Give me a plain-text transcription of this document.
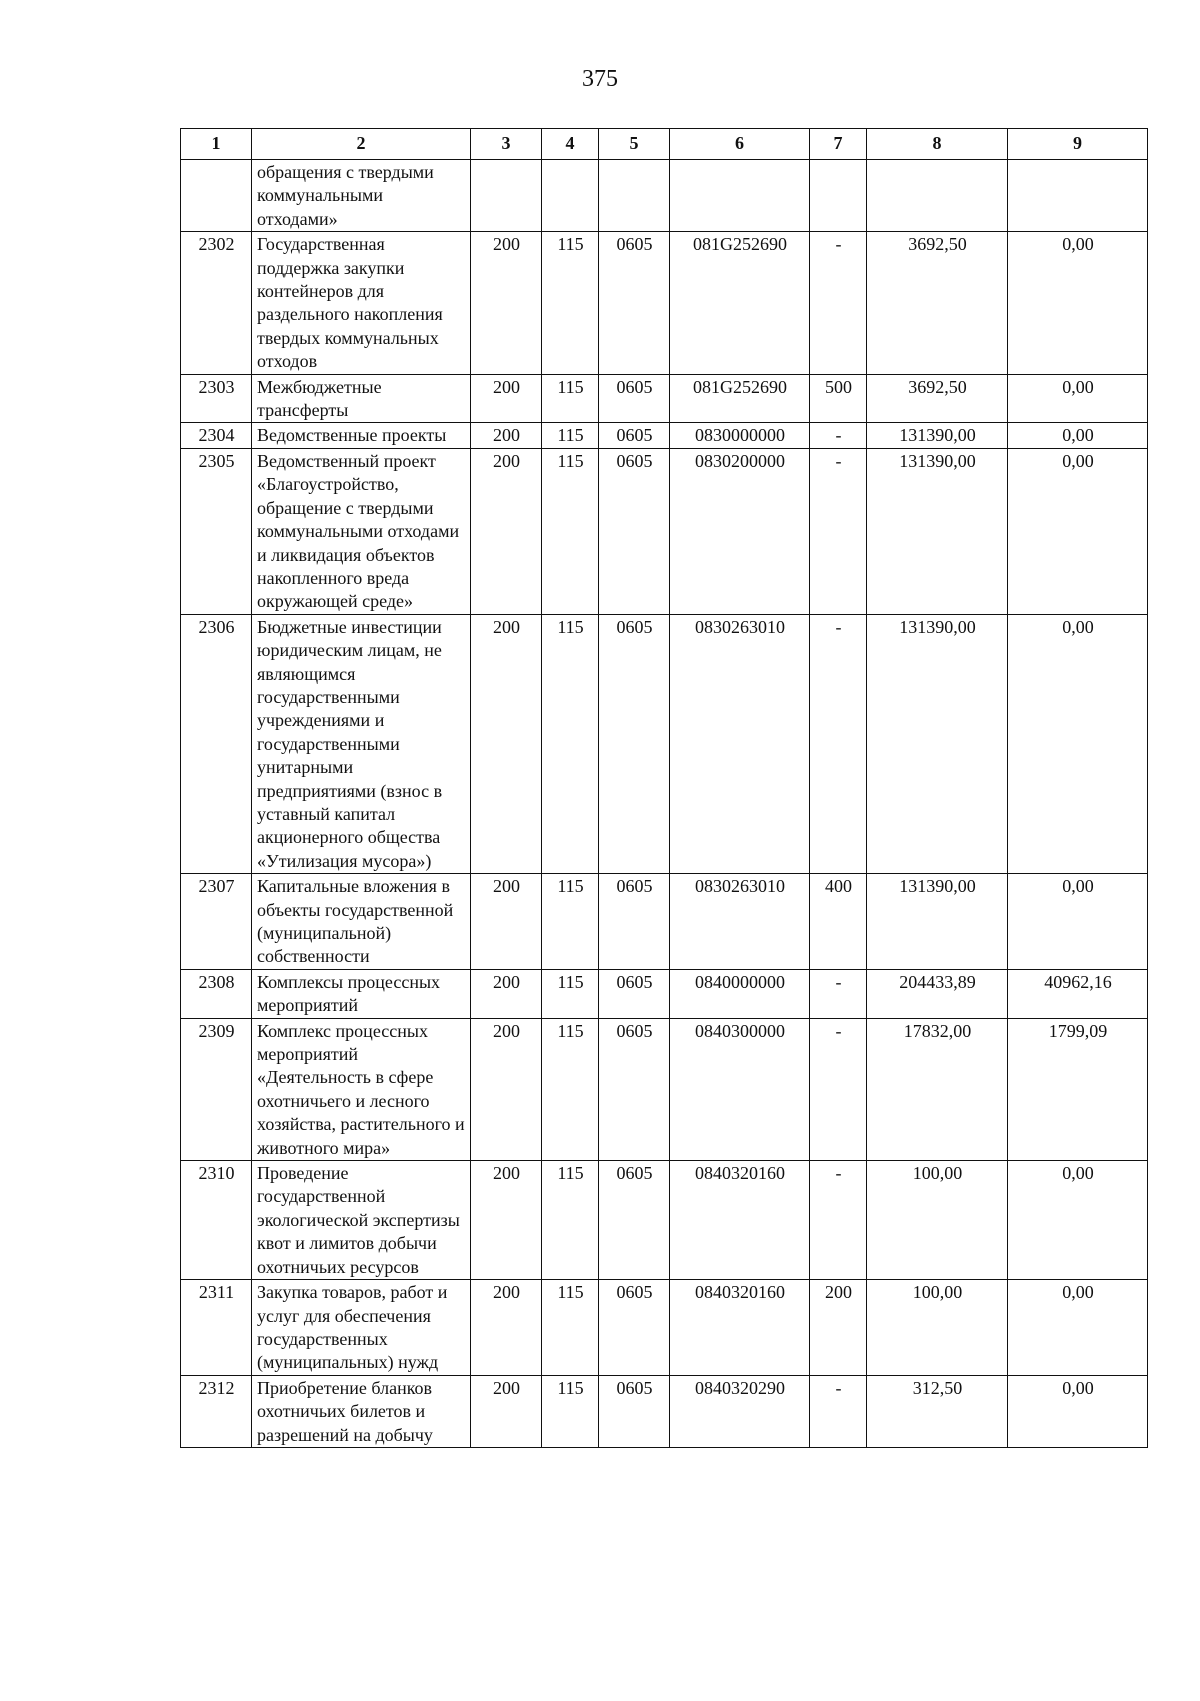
375
1	2	3	4	5	6	7	8	9
	обращения с твердыми коммунальными отходами»							
2302	Государственная поддержка закупки контейнеров для раздельного накопления твердых коммунальных отходов	200	115	0605	081G252690	-	3692,50	0,00
2303	Межбюджетные трансферты	200	115	0605	081G252690	500	3692,50	0,00
2304	Ведомственные проекты	200	115	0605	0830000000	-	131390,00	0,00
2305	Ведомственный проект «Благоустройство, обращение с твердыми коммунальными отходами и ликвидация объектов накопленного вреда окружающей среде»	200	115	0605	0830200000	-	131390,00	0,00
2306	Бюджетные инвестиции юридическим лицам, не являющимся государственными учреждениями и государственными унитарными предприятиями (взнос в уставный капитал акционерного общества «Утилизация мусора»)	200	115	0605	0830263010	-	131390,00	0,00
2307	Капитальные вложения в объекты государственной (муниципальной) собственности	200	115	0605	0830263010	400	131390,00	0,00
2308	Комплексы процессных мероприятий	200	115	0605	0840000000	-	204433,89	40962,16
2309	Комплекс процессных мероприятий «Деятельность в сфере охотничьего и лесного хозяйства, растительного и животного мира»	200	115	0605	0840300000	-	17832,00	1799,09
2310	Проведение государственной экологической экспертизы квот и лимитов добычи охотничьих ресурсов	200	115	0605	0840320160	-	100,00	0,00
2311	Закупка товаров, работ и услуг для обеспечения государственных (муниципальных) нужд	200	115	0605	0840320160	200	100,00	0,00
2312	Приобретение бланков охотничьих билетов и разрешений на добычу	200	115	0605	0840320290	-	312,50	0,00
